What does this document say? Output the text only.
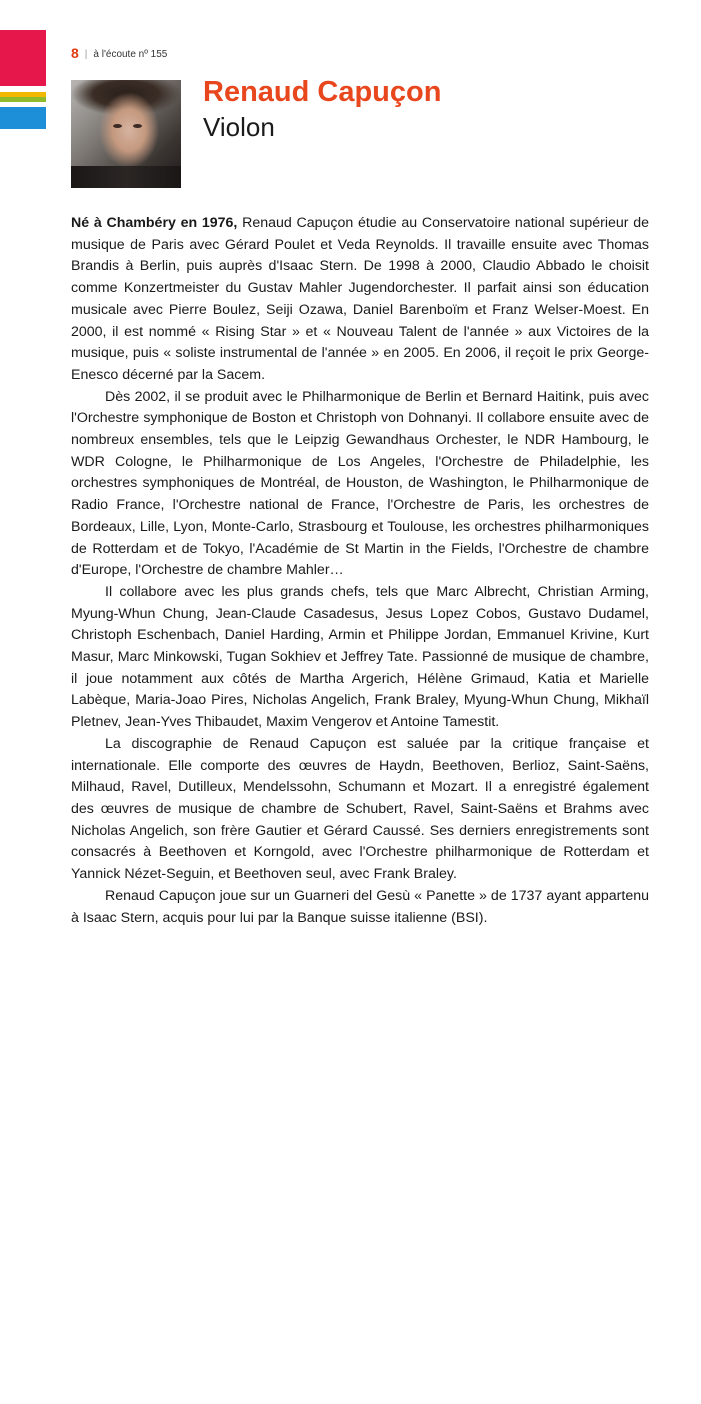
8 | à l'écoute nº 155
Renaud Capuçon
Violon

Né à Chambéry en 1976, Renaud Capuçon étudie au Conservatoire national supérieur de musique de Paris avec Gérard Poulet et Veda Reynolds. Il travaille ensuite avec Thomas Brandis à Berlin, puis auprès d'Isaac Stern. De 1998 à 2000, Claudio Abbado le choisit comme Konzertmeister du Gustav Mahler Jugendorchester. Il parfait ainsi son éducation musicale avec Pierre Boulez, Seiji Ozawa, Daniel Barenboïm et Franz Welser-Moest. En 2000, il est nommé « Rising Star » et « Nouveau Talent de l'année » aux Victoires de la musique, puis « soliste instrumental de l'année » en 2005. En 2006, il reçoit le prix George-Enesco décerné par la Sacem.

Dès 2002, il se produit avec le Philharmonique de Berlin et Bernard Haitink, puis avec l'Orchestre symphonique de Boston et Christoph von Dohnanyi. Il collabore ensuite avec de nombreux ensembles, tels que le Leipzig Gewandhaus Orchester, le NDR Hambourg, le WDR Cologne, le Philharmonique de Los Angeles, l'Orchestre de Philadelphie, les orchestres symphoniques de Montréal, de Houston, de Washington, le Philharmonique de Radio France, l'Orchestre national de France, l'Orchestre de Paris, les orchestres de Bordeaux, Lille, Lyon, Monte-Carlo, Strasbourg et Toulouse, les orchestres philharmoniques de Rotterdam et de Tokyo, l'Académie de St Martin in the Fields, l'Orchestre de chambre d'Europe, l'Orchestre de chambre Mahler…

Il collabore avec les plus grands chefs, tels que Marc Albrecht, Christian Arming, Myung-Whun Chung, Jean-Claude Casadesus, Jesus Lopez Cobos, Gustavo Dudamel, Christoph Eschenbach, Daniel Harding, Armin et Philippe Jordan, Emmanuel Krivine, Kurt Masur, Marc Minkowski, Tugan Sokhiev et Jeffrey Tate. Passionné de musique de chambre, il joue notamment aux côtés de Martha Argerich, Hélène Grimaud, Katia et Marielle Labèque, Maria-Joao Pires, Nicholas Angelich, Frank Braley, Myung-Whun Chung, Mikhaïl Pletnev, Jean-Yves Thibaudet, Maxim Vengerov et Antoine Tamestit.

La discographie de Renaud Capuçon est saluée par la critique française et internationale. Elle comporte des œuvres de Haydn, Beethoven, Berlioz, Saint-Saëns, Milhaud, Ravel, Dutilleux, Mendelssohn, Schumann et Mozart. Il a enregistré également des œuvres de musique de chambre de Schubert, Ravel, Saint-Saëns et Brahms avec Nicholas Angelich, son frère Gautier et Gérard Caussé. Ses derniers enregistrements sont consacrés à Beethoven et Korngold, avec l'Orchestre philharmonique de Rotterdam et Yannick Nézet-Seguin, et Beethoven seul, avec Frank Braley.

Renaud Capuçon joue sur un Guarneri del Gesù « Panette » de 1737 ayant appartenu à Isaac Stern, acquis pour lui par la Banque suisse italienne (BSI).
